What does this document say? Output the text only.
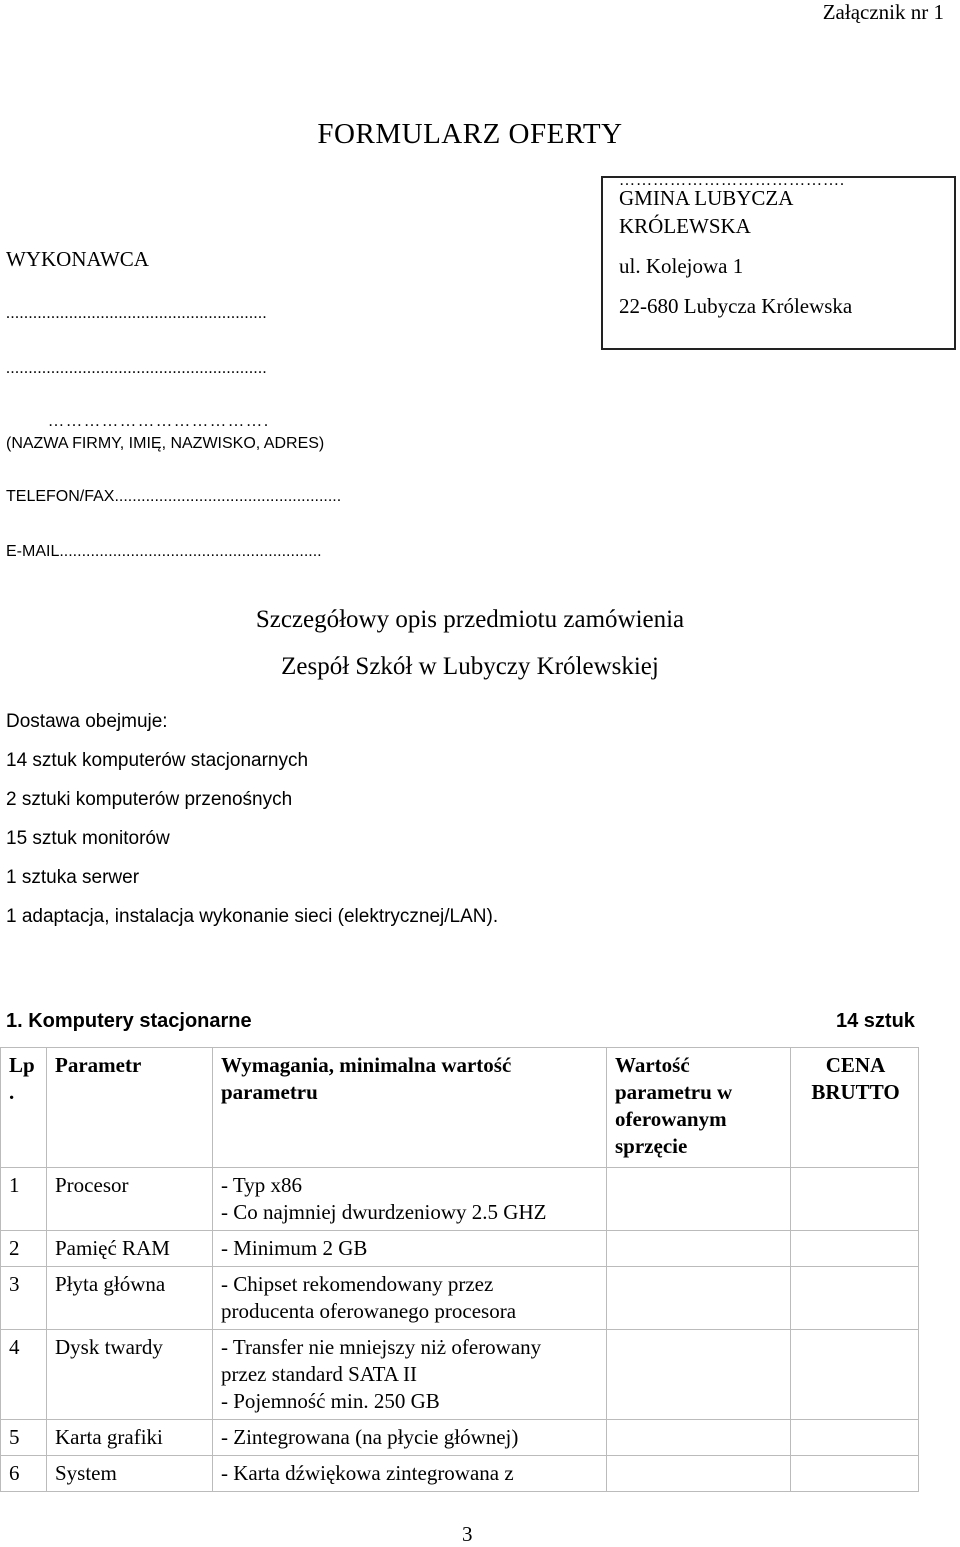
Załącznik nr 1
FORMULARZ OFERTY
………………………………….
GMINA LUBYCZA
KRÓLEWSKA
ul. Kolejowa 1
22-680 Lubycza Królewska
WYKONAWCA
..........................................................
..........................................................
……………………………….
(NAZWA FIRMY, IMIĘ, NAZWISKO, ADRES)
TELEFON/FAX...................................................
E-MAIL...........................................................
Szczegółowy opis przedmiotu zamówienia
Zespół Szkół w Lubyczy Królewskiej
Dostawa obejmuje:
14 sztuk komputerów stacjonarnych
2 sztuki komputerów przenośnych
15 sztuk monitorów
1 sztuka serwer
1 adaptacja, instalacja wykonanie sieci (elektrycznej/LAN).
1. Komputery stacjonarne	14 sztuk
Lp
.	Parametr	Wymagania, minimalna wartość parametru	Wartość parametru w oferowanym sprzęcie	CENA BRUTTO
1	Procesor	- Typ x86
- Co najmniej dwurdzeniowy 2.5 GHZ		

2	Pamięć RAM	- Minimum 2 GB		

3	Płyta główna	- Chipset rekomendowany przez
producenta oferowanego procesora		

4	Dysk twardy	- Transfer nie mniejszy niż oferowany
przez standard SATA II
- Pojemność min. 250 GB		

5	Karta grafiki	- Zintegrowana (na płycie głównej)		

6	System	- Karta dźwiękowa zintegrowana z		

3
